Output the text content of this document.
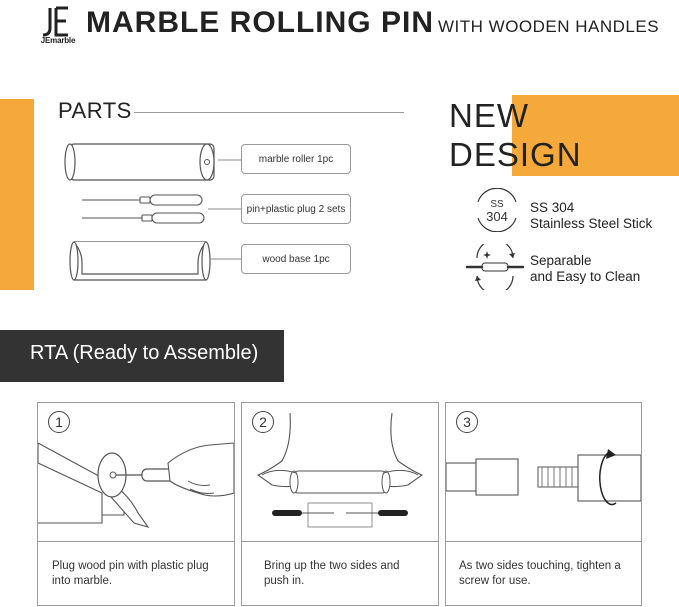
JEmarble
MARBLE ROLLING PIN WITH WOODEN HANDLES
PARTS
marble roller 1pc
pin+plastic plug 2 sets
wood base 1pc
NEW
DESIGN
SS
304
SS 304
Stainless Steel Stick
Separable
and Easy to Clean
RTA (Ready to Assemble)
1
Plug wood pin with plastic plug
into marble.
2
Bring up the two sides and
push in.
3
As two sides touching, tighten a
screw for use.
